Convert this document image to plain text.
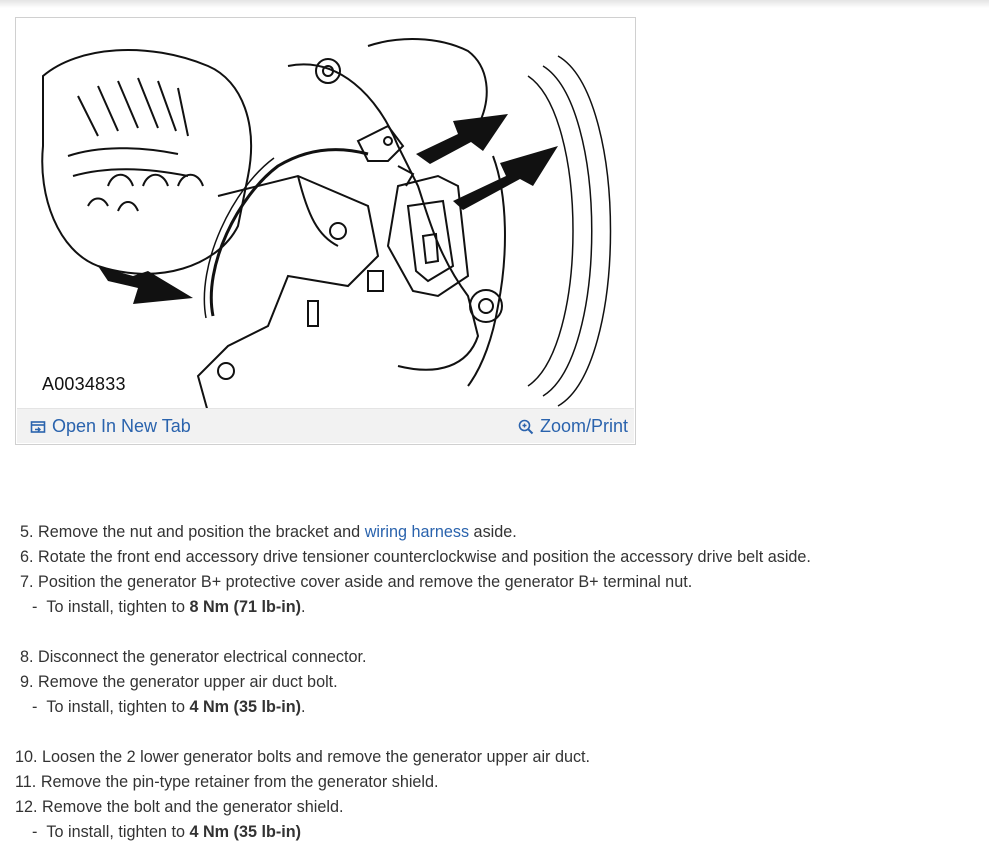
A0034833
Open In New Tab	Zoom/Print
5. Remove the nut and position the bracket and wiring harness aside.
6. Rotate the front end accessory drive tensioner counterclockwise and position the accessory drive belt aside.
7. Position the generator B+ protective cover aside and remove the generator B+ terminal nut.
-  To install, tighten to 8 Nm (71 lb-in).
8. Disconnect the generator electrical connector.
9. Remove the generator upper air duct bolt.
-  To install, tighten to 4 Nm (35 lb-in).
10. Loosen the 2 lower generator bolts and remove the generator upper air duct.
11. Remove the pin-type retainer from the generator shield.
12. Remove the bolt and the generator shield.
-  To install, tighten to 4 Nm (35 lb-in)
